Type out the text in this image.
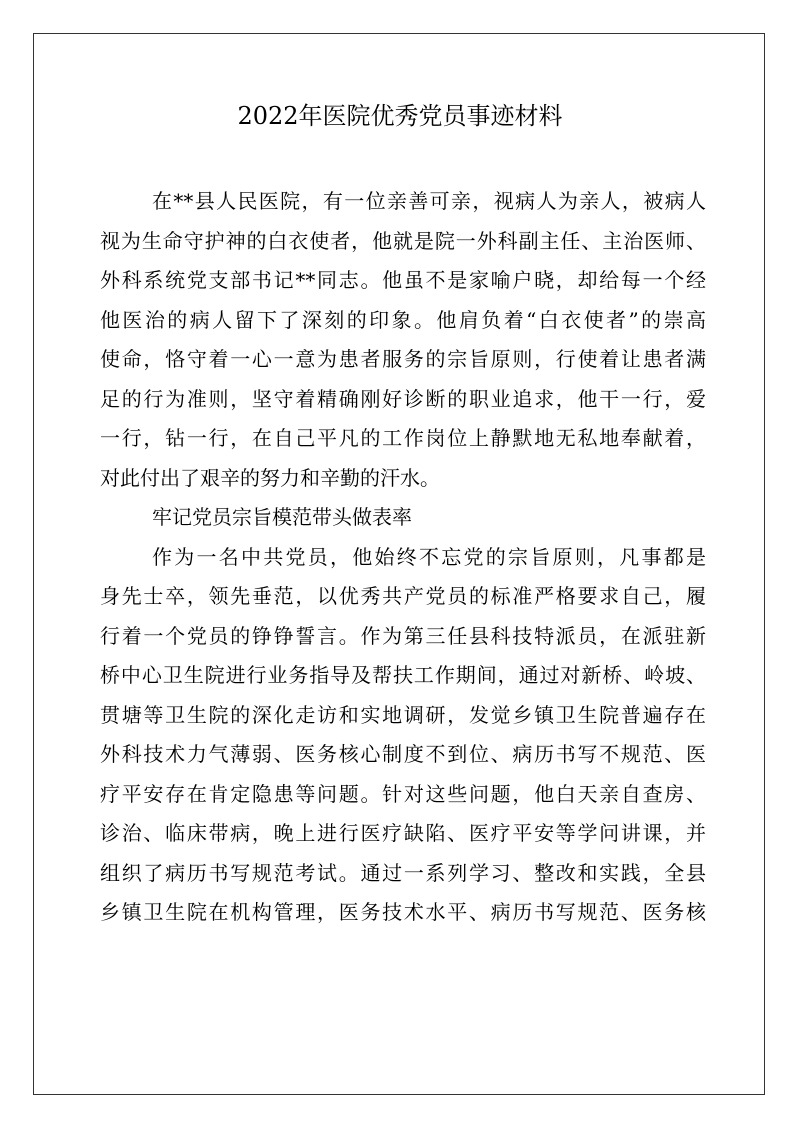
2022年医院优秀党员事迹材料
在**县人民医院，有一位亲善可亲，视病人为亲人，被病人
视为生命守护神的白衣使者，他就是院一外科副主任、主治医师、
外科系统党支部书记**同志。他虽不是家喻户晓，却给每一个经
他医治的病人留下了深刻的印象。他肩负着“白衣使者”的崇高
使命，恪守着一心一意为患者服务的宗旨原则，行使着让患者满
足的行为准则，坚守着精确刚好诊断的职业追求，他干一行，爱
一行，钻一行，在自己平凡的工作岗位上静默地无私地奉献着，
对此付出了艰辛的努力和辛勤的汗水。
牢记党员宗旨模范带头做表率
作为一名中共党员，他始终不忘党的宗旨原则，凡事都是
身先士卒，领先垂范，以优秀共产党员的标准严格要求自己，履
行着一个党员的铮铮誓言。作为第三任县科技特派员，在派驻新
桥中心卫生院进行业务指导及帮扶工作期间，通过对新桥、岭坡、
贯塘等卫生院的深化走访和实地调研，发觉乡镇卫生院普遍存在
外科技术力气薄弱、医务核心制度不到位、病历书写不规范、医
疗平安存在肯定隐患等问题。针对这些问题，他白天亲自查房、
诊治、临床带病，晚上进行医疗缺陷、医疗平安等学问讲课，并
组织了病历书写规范考试。通过一系列学习、整改和实践，全县
乡镇卫生院在机构管理，医务技术水平、病历书写规范、医务核
